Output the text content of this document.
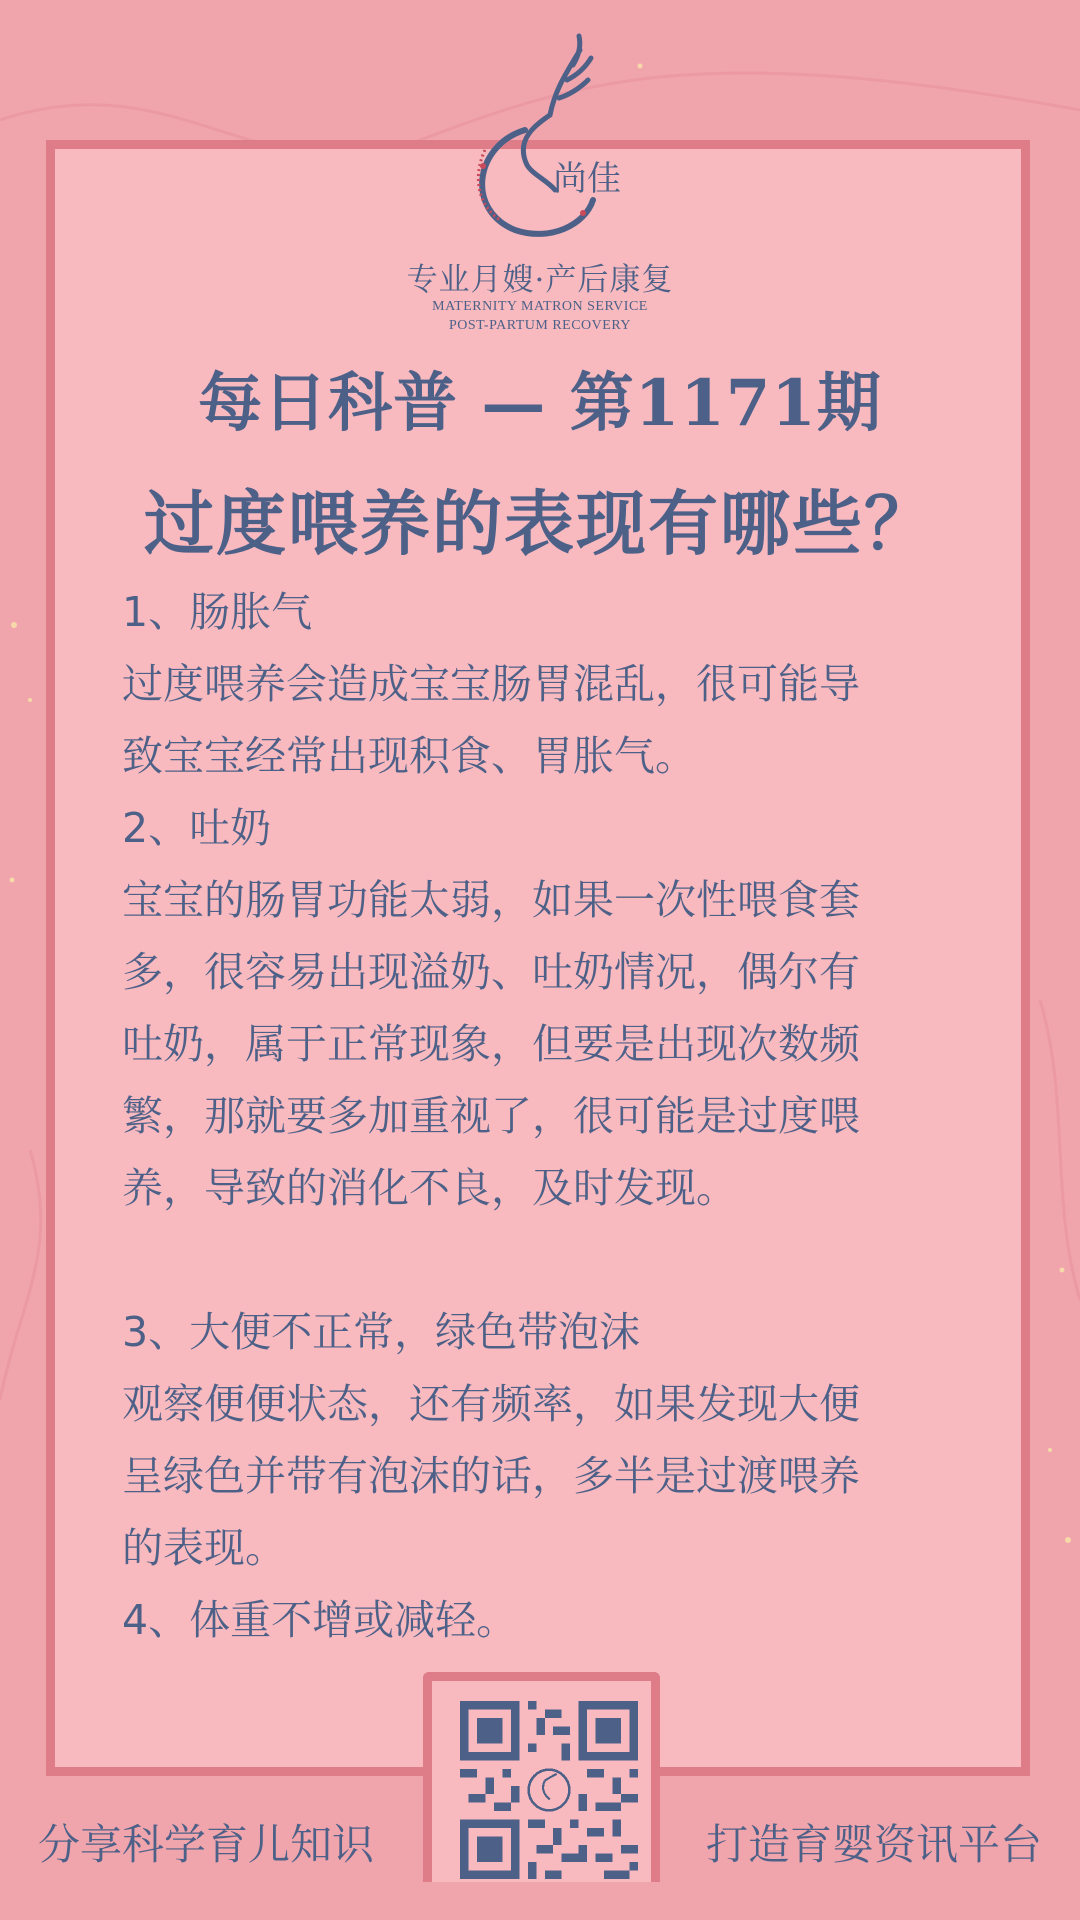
尚佳
专业月嫂·产后康复
MATERNITY MATRON SERVICE
POST-PARTUM RECOVERY
每日科普 — 第1171期
过度喂养的表现有哪些？
1、肠胀气
过度喂养会造成宝宝肠胃混乱，很可能导
致宝宝经常出现积食、胃胀气。
2、吐奶
宝宝的肠胃功能太弱，如果一次性喂食套
多，很容易出现溢奶、吐奶情况，偶尔有
吐奶，属于正常现象，但要是出现次数频
繁，那就要多加重视了，很可能是过度喂
养，导致的消化不良，及时发现。
3、大便不正常，绿色带泡沫
观察便便状态，还有频率，如果发现大便
呈绿色并带有泡沫的话，多半是过渡喂养
的表现。
4、体重不增或减轻。
分享科学育儿知识	打造育婴资讯平台
